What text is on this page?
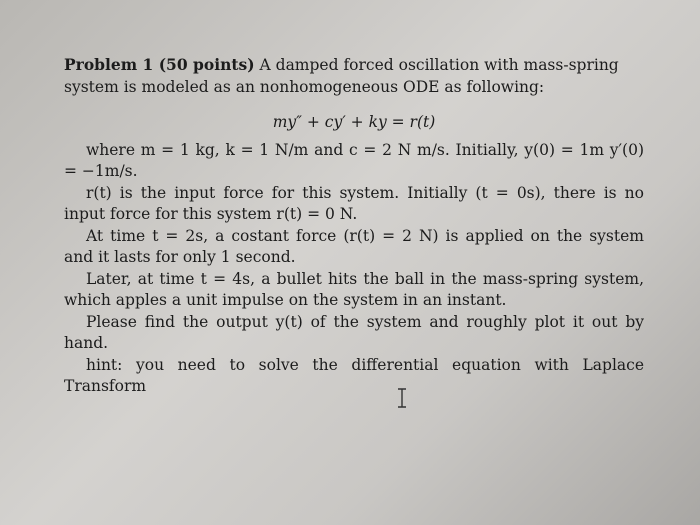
Problem 1 (50 points) A damped forced oscillation with mass-spring system is modeled as an nonhomogeneous ODE as following:

my″ + cy′ + ky = r(t)

where m = 1 kg, k = 1 N/m and c = 2 N m/s. Initially, y(0) = 1m y′(0) = −1m/s.

r(t) is the input force for this system. Initially (t = 0s), there is no input force for this system r(t) = 0 N.

At time t = 2s, a costant force (r(t) = 2 N) is applied on the system and it lasts for only 1 second.

Later, at time t = 4s, a bullet hits the ball in the mass-spring system, which apples a unit impulse on the system in an instant.

Please find the output y(t) of the system and roughly plot it out by hand.

hint: you need to solve the differential equation with Laplace Transform
